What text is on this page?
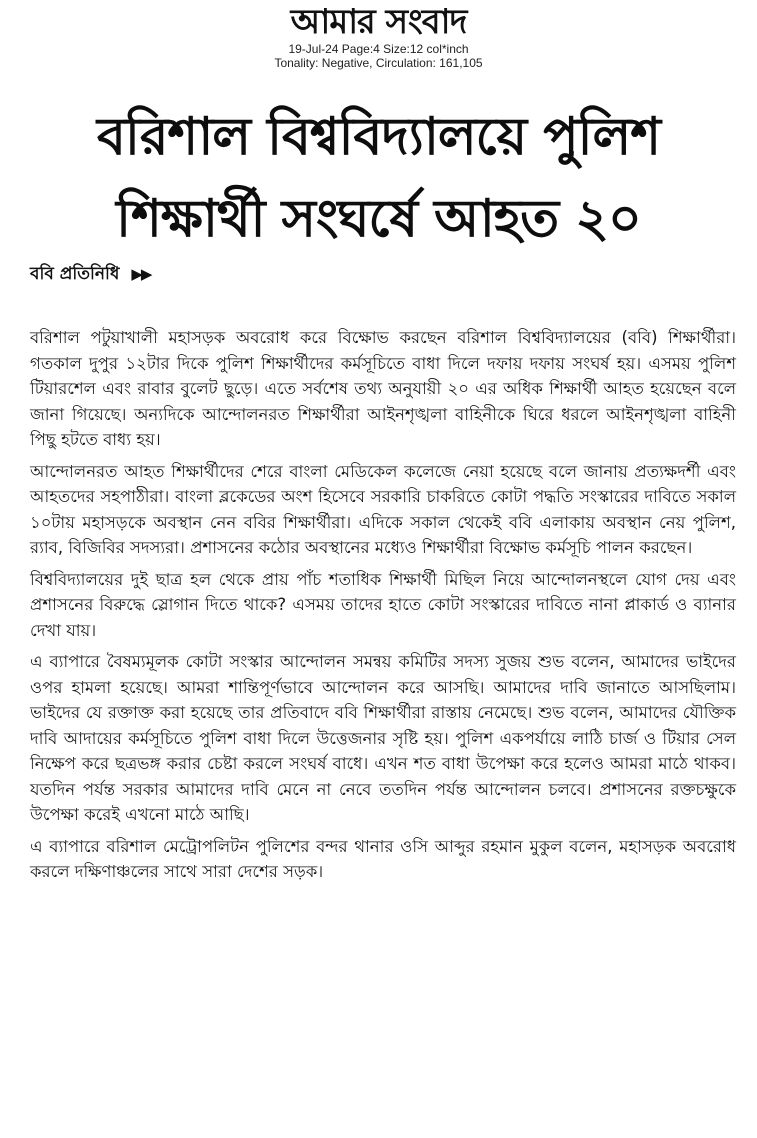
আমার সংবাদ
19-Jul-24 Page:4 Size:12 col*inch
Tonality: Negative, Circulation: 161,105
বরিশাল বিশ্ববিদ্যালয়ে পুলিশ
শিক্ষার্থী সংঘর্ষে আহত ২০
ববি প্রতিনিধি ▶▶

বরিশাল পটুয়াখালী মহাসড়ক অবরোধ করে বিক্ষোভ করছেন বরিশাল বিশ্ববিদ্যালয়ের (ববি) শিক্ষার্থীরা। গতকাল দুপুর ১২টার দিকে পুলিশ শিক্ষার্থীদের কর্মসূচিতে বাধা দিলে দফায় দফায় সংঘর্ষ হয়। এসময় পুলিশ টিয়ারশেল এবং রাবার বুলেট ছুড়ে। এতে সর্বশেষ তথ্য অনুযায়ী ২০ এর অধিক শিক্ষার্থী আহত হয়েছেন বলে জানা গিয়েছে। অন্যদিকে আন্দোলনরত শিক্ষার্থীরা আইনশৃঙ্খলা বাহিনীকে ঘিরে ধরলে আইনশৃঙ্খলা বাহিনী পিছু হটতে বাধ্য হয়।

আন্দোলনরত আহত শিক্ষার্থীদের শেরে বাংলা মেডিকেল কলেজে নেয়া হয়েছে বলে জানায় প্রত্যক্ষদর্শী এবং আহতদের সহপাঠীরা। বাংলা ব্লকেডের অংশ হিসেবে সরকারি চাকরিতে কোটা পদ্ধতি সংস্কারের দাবিতে সকাল ১০টায় মহাসড়কে অবস্থান নেন ববির শিক্ষার্থীরা। এদিকে সকাল থেকেই ববি এলাকায় অবস্থান নেয় পুলিশ, র‍্যাব, বিজিবির সদস্যরা। প্রশাসনের কঠোর অবস্থানের মধ্যেও শিক্ষার্থীরা বিক্ষোভ কর্মসূচি পালন করছেন।

বিশ্ববিদ্যালয়ের দুই ছাত্র হল থেকে প্রায় পাঁচ শতাধিক শিক্ষার্থী মিছিল নিয়ে আন্দোলনস্থলে যোগ দেয় এবং প্রশাসনের বিরুদ্ধে স্লোগান দিতে থাকে? এসময় তাদের হাতে কোটা সংস্কারের দাবিতে নানা প্লাকার্ড ও ব্যানার দেখা যায়।

এ ব্যাপারে বৈষম্যমূলক কোটা সংস্কার আন্দোলন সমন্বয় কমিটির সদস্য সুজয় শুভ বলেন, আমাদের ভাইদের ওপর হামলা হয়েছে। আমরা শান্তিপূর্ণভাবে আন্দোলন করে আসছি। আমাদের দাবি জানাতে আসছিলাম। ভাইদের যে রক্তাক্ত করা হয়েছে তার প্রতিবাদে ববি শিক্ষার্থীরা রাস্তায় নেমেছে। শুভ বলেন, আমাদের যৌক্তিক দাবি আদায়ের কর্মসূচিতে পুলিশ বাধা দিলে উত্তেজনার সৃষ্টি হয়। পুলিশ একপর্যায়ে লাঠি চার্জ ও টিয়ার সেল নিক্ষেপ করে ছত্রভঙ্গ করার চেষ্টা করলে সংঘর্ষ বাধে। এখন শত বাধা উপেক্ষা করে হলেও আমরা মাঠে থাকব। যতদিন পর্যন্ত সরকার আমাদের দাবি মেনে না নেবে ততদিন পর্যন্ত আন্দোলন চলবে। প্রশাসনের রক্তচক্ষুকে উপেক্ষা করেই এখনো মাঠে আছি।

এ ব্যাপারে বরিশাল মেট্রোপলিটন পুলিশের বন্দর থানার ওসি আব্দুর রহমান মুকুল বলেন, মহাসড়ক অবরোধ করলে দক্ষিণাঞ্চলের সাথে সারা দেশের সড়ক।
